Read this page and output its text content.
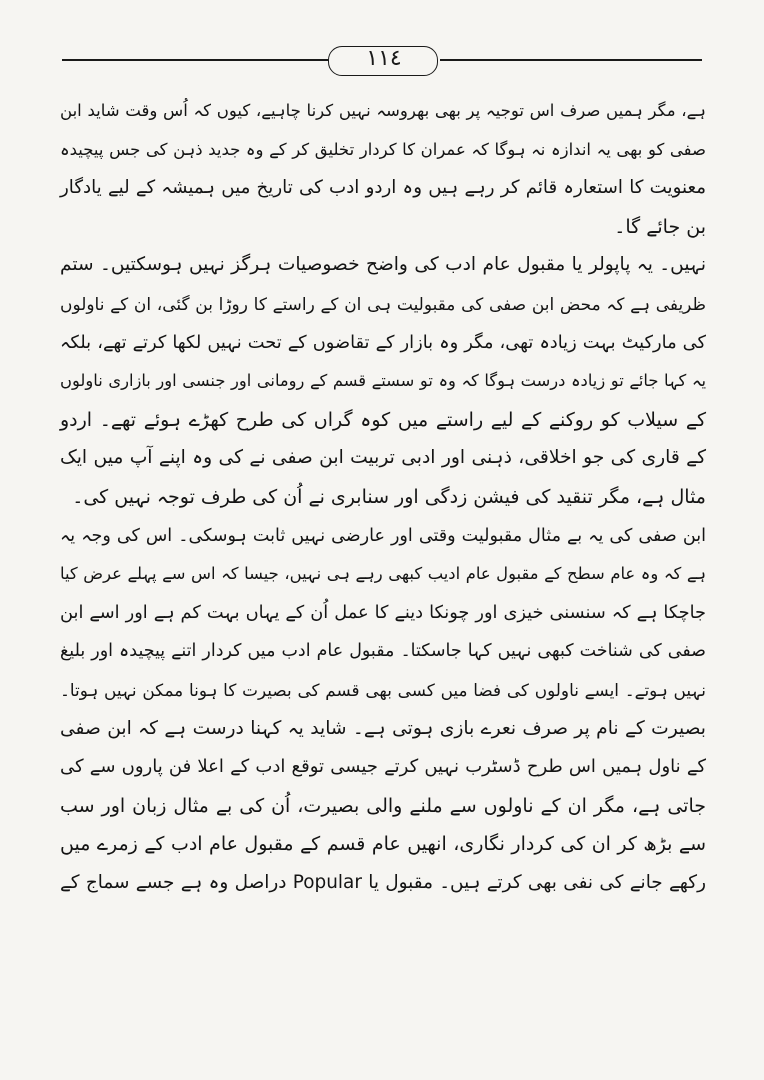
١١٤
ہے، مگر ہمیں صرف اس توجیہ پر بھی بھروسہ نہیں کرنا چاہیے، کیوں کہ اُس وقت شاید ابن
صفی کو بھی یہ اندازہ نہ ہوگا کہ عمران کا کردار تخلیق کر کے وہ جدید ذہن کی جس پیچیدہ
معنویت کا استعارہ قائم کر رہے ہیں وہ اردو ادب کی تاریخ میں ہمیشہ کے لیے یادگار
بن جائے گا۔
نہیں۔ یہ پاپولر یا مقبول عام ادب کی واضح خصوصیات ہرگز نہیں ہوسکتیں۔ ستم
ظریفی ہے کہ محض ابن صفی کی مقبولیت ہی ان کے راستے کا روڑا بن گئی، ان کے ناولوں
کی مارکیٹ بہت زیادہ تھی، مگر وہ بازار کے تقاضوں کے تحت نہیں لکھا کرتے تھے، بلکہ
یہ کہا جائے تو زیادہ درست ہوگا کہ وہ تو سستے قسم کے رومانی اور جنسی اور بازاری ناولوں
کے سیلاب کو روکنے کے لیے راستے میں کوہ گراں کی طرح کھڑے ہوئے تھے۔ اردو
کے قاری کی جو اخلاقی، ذہنی اور ادبی تربیت ابن صفی نے کی وہ اپنے آپ میں ایک
مثال ہے، مگر تنقید کی فیشن زدگی اور سنابری نے اُن کی طرف توجہ نہیں کی۔
ابن صفی کی یہ بے مثال مقبولیت وقتی اور عارضی نہیں ثابت ہوسکی۔ اس کی وجہ یہ
ہے کہ وہ عام سطح کے مقبول عام ادیب کبھی رہے ہی نہیں، جیسا کہ اس سے پہلے عرض کیا
جاچکا ہے کہ سنسنی خیزی اور چونکا دینے کا عمل اُن کے یہاں بہت کم ہے اور اسے ابن
صفی کی شناخت کبھی نہیں کہا جاسکتا۔ مقبول عام ادب میں کردار اتنے پیچیدہ اور بلیغ
نہیں ہوتے۔ ایسے ناولوں کی فضا میں کسی بھی قسم کی بصیرت کا ہونا ممکن نہیں ہوتا۔
بصیرت کے نام پر صرف نعرے بازی ہوتی ہے۔ شاید یہ کہنا درست ہے کہ ابن صفی
کے ناول ہمیں اس طرح ڈسٹرب نہیں کرتے جیسی توقع ادب کے اعلا فن پاروں سے کی
جاتی ہے، مگر ان کے ناولوں سے ملنے والی بصیرت، اُن کی بے مثال زبان اور سب
سے بڑھ کر ان کی کردار نگاری، انھیں عام قسم کے مقبول عام ادب کے زمرے میں
رکھے جانے کی نفی بھی کرتے ہیں۔ مقبول یا Popular دراصل وہ ہے جسے سماج کے
